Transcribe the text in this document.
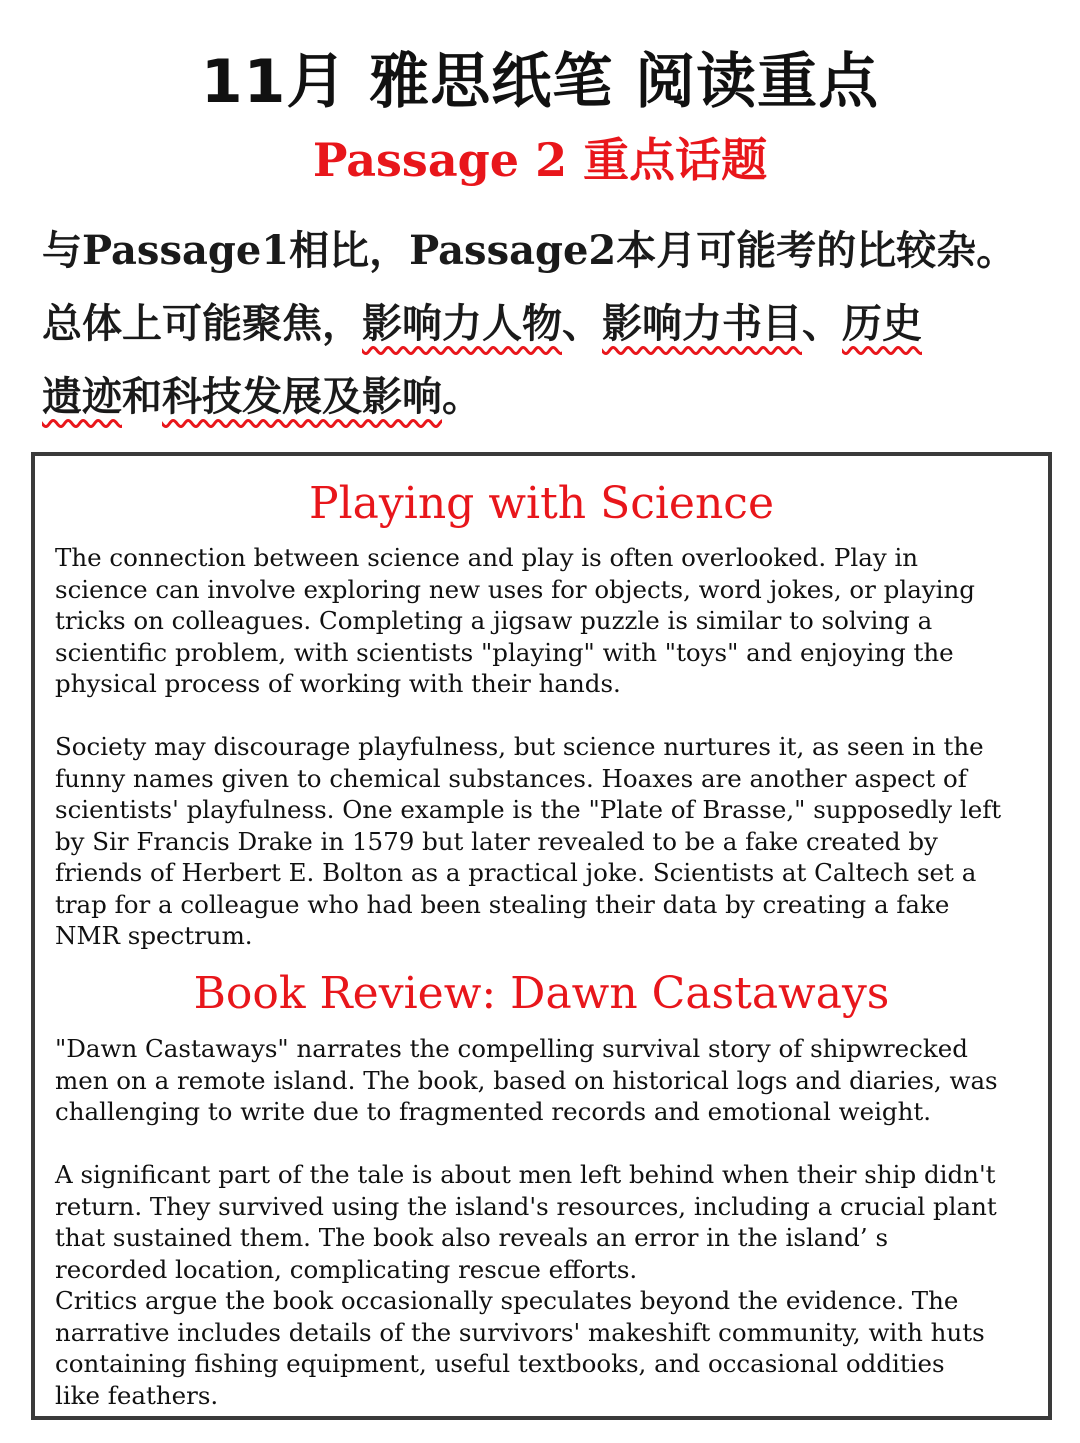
11月 雅思纸笔 阅读重点
Passage 2 重点话题
与Passage1相比，Passage2本月可能考的比较杂。
总体上可能聚焦，影响力人物、影响力书目、历史
遗迹和科技发展及影响。
Playing with Science
The connection between science and play is often overlooked. Play in
science can involve exploring new uses for objects, word jokes, or playing
tricks on colleagues. Completing a jigsaw puzzle is similar to solving a
scientific problem, with scientists "playing" with "toys" and enjoying the
physical process of working with their hands.
Society may discourage playfulness, but science nurtures it, as seen in the
funny names given to chemical substances. Hoaxes are another aspect of
scientists' playfulness. One example is the "Plate of Brasse," supposedly left
by Sir Francis Drake in 1579 but later revealed to be a fake created by
friends of Herbert E. Bolton as a practical joke. Scientists at Caltech set a
trap for a colleague who had been stealing their data by creating a fake
NMR spectrum.
Book Review: Dawn Castaways
"Dawn Castaways" narrates the compelling survival story of shipwrecked
men on a remote island. The book, based on historical logs and diaries, was
challenging to write due to fragmented records and emotional weight.
A significant part of the tale is about men left behind when their ship didn't
return. They survived using the island's resources, including a crucial plant
that sustained them. The book also reveals an error in the island’ s
recorded location, complicating rescue efforts.
Critics argue the book occasionally speculates beyond the evidence. The
narrative includes details of the survivors' makeshift community, with huts
containing fishing equipment, useful textbooks, and occasional oddities
like feathers.
